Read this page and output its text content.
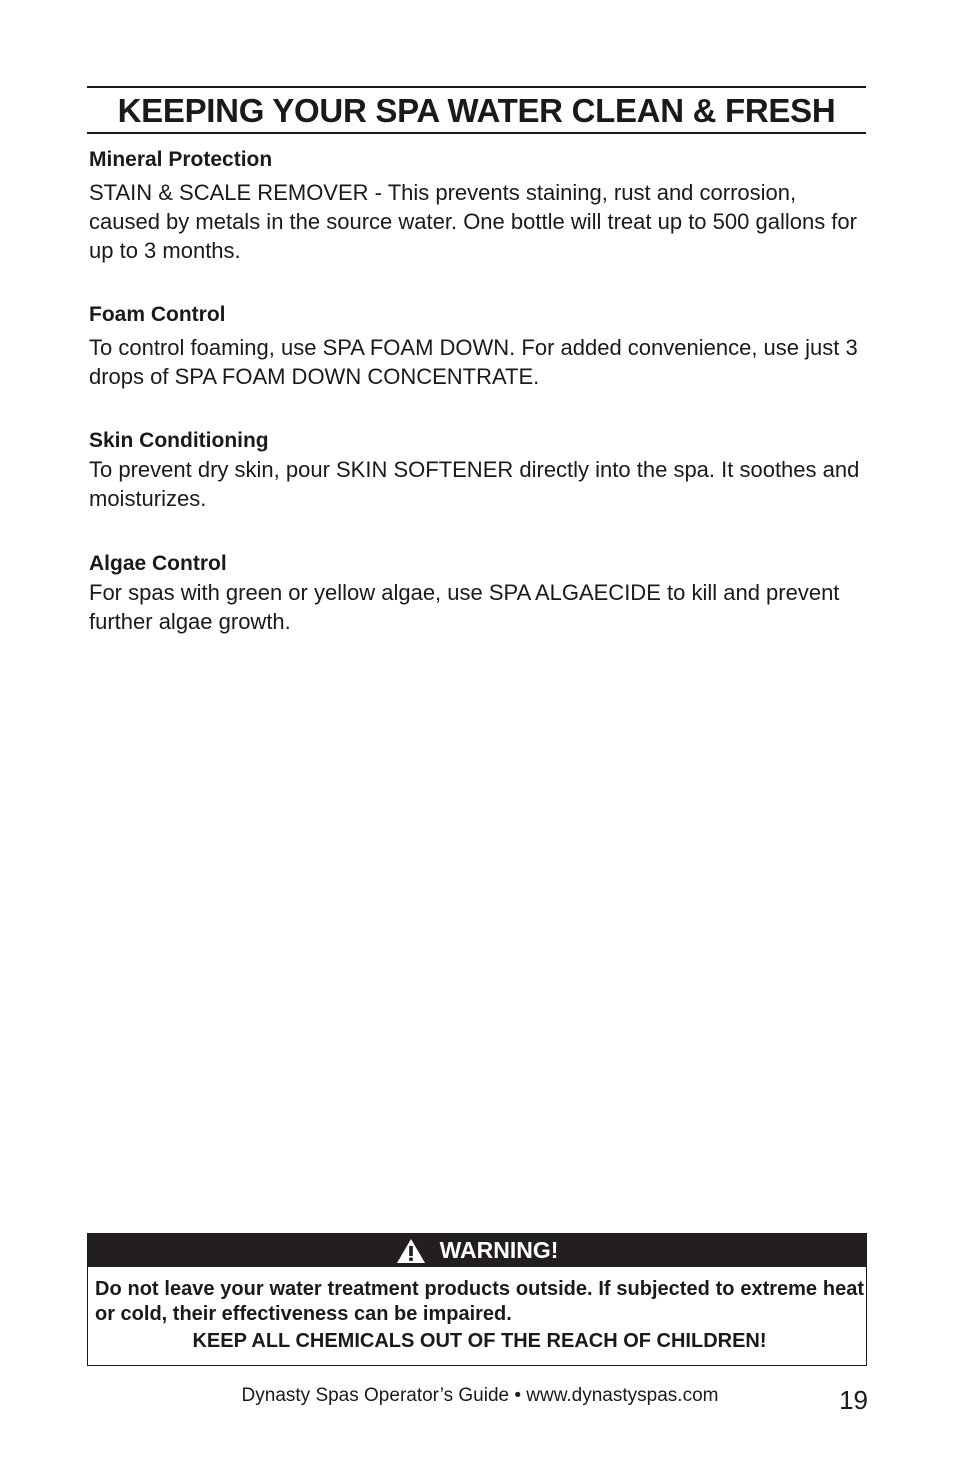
KEEPING YOUR SPA WATER CLEAN & FRESH
Mineral Protection

STAIN & SCALE REMOVER - This prevents staining, rust and corrosion, caused by metals in the source water. One bottle will treat up to 500 gallons for up to 3 months.

Foam Control

To control foaming, use SPA FOAM DOWN. For added convenience, use just 3 drops of SPA FOAM DOWN CONCENTRATE.

Skin Conditioning

To prevent dry skin, pour SKIN SOFTENER directly into the spa. It soothes and moisturizes.

Algae Control

For spas with green or yellow algae, use SPA ALGAECIDE to kill and prevent further algae growth.

WARNING!

Do not leave your water treatment products outside. If subjected to extreme heat or cold, their effectiveness can be impaired.

KEEP ALL CHEMICALS OUT OF THE REACH OF CHILDREN!

Dynasty Spas Operator’s Guide • www.dynastyspas.com	19
